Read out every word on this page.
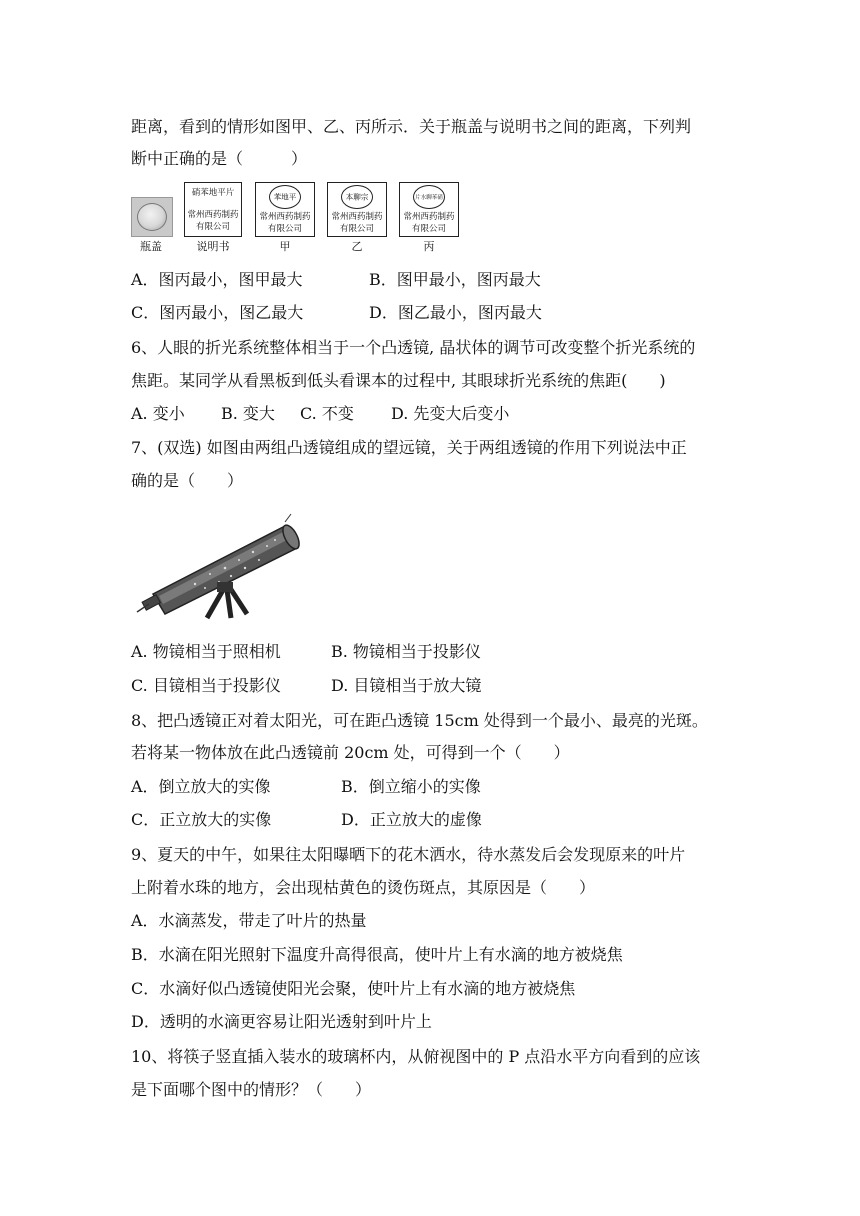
距离，看到的情形如图甲、乙、丙所示．关于瓶盖与说明书之间的距离，下列判
断中正确的是（　　　）
瓶盖
硝苯地平片
常州西药制药
有限公司
说明书
苯地平
常州西药制药
有限公司
甲
本聊宗
常州西药制药
有限公司
乙
片水聊苯硝
常州西药制药
有限公司
丙
A．图丙最小，图甲最大	B．图甲最小，图丙最大
C．图丙最小，图乙最大	D．图乙最小，图丙最大
6、人眼的折光系统整体相当于一个凸透镜, 晶状体的调节可改变整个折光系统的
焦距。某同学从看黑板到低头看课本的过程中, 其眼球折光系统的焦距(　　)
A. 变小 B. 变大 C. 不变 D. 先变大后变小
7、(双选) 如图由两组凸透镜组成的望远镜，关于两组透镜的作用下列说法中正
确的是（　　）
A. 物镜相当于照相机	B. 物镜相当于投影仪
C. 目镜相当于投影仪	D. 目镜相当于放大镜
8、把凸透镜正对着太阳光，可在距凸透镜 15cm 处得到一个最小、最亮的光斑。
若将某一物体放在此凸透镜前 20cm 处，可得到一个（　　）
A．倒立放大的实像	B．倒立缩小的实像
C．正立放大的实像	D．正立放大的虚像
9、夏天的中午，如果往太阳曝晒下的花木洒水，待水蒸发后会发现原来的叶片
上附着水珠的地方，会出现枯黄色的烫伤斑点，其原因是（　　）
A．水滴蒸发，带走了叶片的热量
B．水滴在阳光照射下温度升高得很高，使叶片上有水滴的地方被烧焦
C．水滴好似凸透镜使阳光会聚，使叶片上有水滴的地方被烧焦
D．透明的水滴更容易让阳光透射到叶片上
10、将筷子竖直插入装水的玻璃杯内，从俯视图中的 P 点沿水平方向看到的应该
是下面哪个图中的情形？（　　）
